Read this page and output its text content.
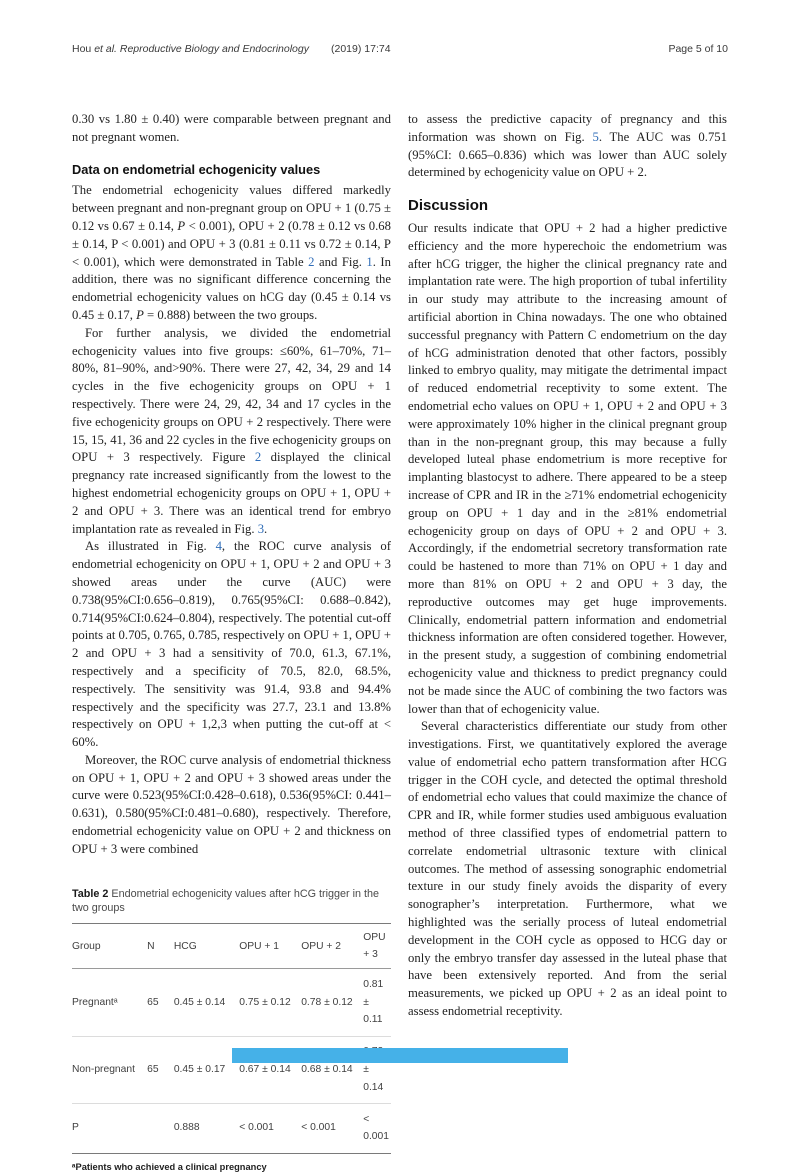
Hou et al. Reproductive Biology and Endocrinology (2019) 17:74	Page 5 of 10

0.30 vs 1.80 ± 0.40) were comparable between pregnant and not pregnant women.

Data on endometrial echogenicity values

The endometrial echogenicity values differed markedly between pregnant and non-pregnant group on OPU + 1 (0.75 ± 0.12 vs 0.67 ± 0.14, P < 0.001), OPU + 2 (0.78 ± 0.12 vs 0.68 ± 0.14, P < 0.001) and OPU + 3 (0.81 ± 0.11 vs 0.72 ± 0.14, P < 0.001), which were demonstrated in Table 2 and Fig. 1. In addition, there was no significant difference concerning the endometrial echogenicity values on hCG day (0.45 ± 0.14 vs 0.45 ± 0.17, P = 0.888) between the two groups.

For further analysis, we divided the endometrial echogenicity values into five groups: ≤60%, 61–70%, 71–80%, 81–90%, and>90%. There were 27, 42, 34, 29 and 14 cycles in the five echogenicity groups on OPU + 1 respectively. There were 24, 29, 42, 34 and 17 cycles in the five echogenicity groups on OPU + 2 respectively. There were 15, 15, 41, 36 and 22 cycles in the five echogenicity groups on OPU + 3 respectively. Figure 2 displayed the clinical pregnancy rate increased significantly from the lowest to the highest endometrial echogenicity groups on OPU + 1, OPU + 2 and OPU + 3. There was an identical trend for embryo implantation rate as revealed in Fig. 3.

As illustrated in Fig. 4, the ROC curve analysis of endometrial echogenicity on OPU + 1, OPU + 2 and OPU + 3 showed areas under the curve (AUC) were 0.738(95%CI:0.656–0.819), 0.765(95%CI: 0.688–0.842), 0.714(95%CI:0.624–0.804), respectively. The potential cut-off points at 0.705, 0.765, 0.785, respectively on OPU + 1, OPU + 2 and OPU + 3 had a sensitivity of 70.0, 61.3, 67.1%, respectively and a specificity of 70.5, 82.0, 68.5%, respectively. The sensitivity was 91.4, 93.8 and 94.4% respectively and the specificity was 27.7, 23.1 and 13.8% respectively on OPU + 1,2,3 when putting the cut-off at < 60%.

Moreover, the ROC curve analysis of endometrial thickness on OPU + 1, OPU + 2 and OPU + 3 showed areas under the curve were 0.523(95%CI:0.428–0.618), 0.536(95%CI: 0.441–0.631), 0.580(95%CI:0.481–0.680), respectively. Therefore, endometrial echogenicity value on OPU + 2 and thickness on OPU + 3 were combined

Table 2 Endometrial echogenicity values after hCG trigger in the two groups
Group	N	HCG	OPU + 1	OPU + 2	OPU + 3
Pregnantᵃ	65	0.45 ± 0.14	0.75 ± 0.12	0.78 ± 0.12	0.81 ± 0.11
Non-pregnant	65	0.45 ± 0.17	0.67 ± 0.14	0.68 ± 0.14	± 0.14
P		0.888	< 0.001	< 0.001	< 0.001
ᵃPatients who achieved a clinical pregnancy

to assess the predictive capacity of pregnancy and this information was shown on Fig. 5. The AUC was 0.751 (95%CI: 0.665–0.836) which was lower than AUC solely determined by echogenicity value on OPU + 2.

Discussion

Our results indicate that OPU + 2 had a higher predictive efficiency and the more hyperechoic the endometrium was after hCG trigger, the higher the clinical pregnancy rate and implantation rate were. The high proportion of tubal infertility in our study may attribute to the increasing amount of artificial abortion in China nowadays. The one who obtained successful pregnancy with Pattern C endometrium on the day of hCG administration denoted that other factors, possibly linked to embryo quality, may mitigate the detrimental impact of reduced endometrial receptivity to some extent. The endometrial echo values on OPU + 1, OPU + 2 and OPU + 3 were approximately 10% higher in the clinical pregnant group than in the non-pregnant group, this may because a fully developed luteal phase endometrium is more receptive for implanting blastocyst to adhere. There appeared to be a steep increase of CPR and IR in the ≥71% endometrial echogenicity group on OPU + 1 day and in the ≥81% endometrial echogenicity group on days of OPU + 2 and OPU + 3. Accordingly, if the endometrial secretory transformation rate could be hastened to more than 71% on OPU + 1 day and more than 81% on OPU + 2 and OPU + 3 day, the reproductive outcomes may get huge improvements. Clinically, endometrial pattern information and endometrial thickness information are often considered together. However, in the present study, a suggestion of combining endometrial echogenicity value and thickness to predict pregnancy could not be made since the AUC of combining the two factors was lower than that of echogenicity value.

Several characteristics differentiate our study from other investigations. First, we quantitatively explored the average value of endometrial echo pattern transformation after HCG trigger in the COH cycle, and detected the optimal threshold of endometrial echo values that could maximize the chance of CPR and IR, while former studies used ambiguous evaluation method of three classified types of endometrial pattern to correlate endometrial ultrasonic texture with clinical outcomes. The method of assessing sonographic endometrial texture in our study finely avoids the disparity of every sonographer’s interpretation. Furthermore, what we highlighted was the serially process of luteal endometrial development in the COH cycle as opposed to HCG day or only the embryo transfer day assessed in the luteal phase that have been extensively reported. And from the serial measurements, we picked up OPU + 2 as an ideal point to assess endometrial receptivity.
